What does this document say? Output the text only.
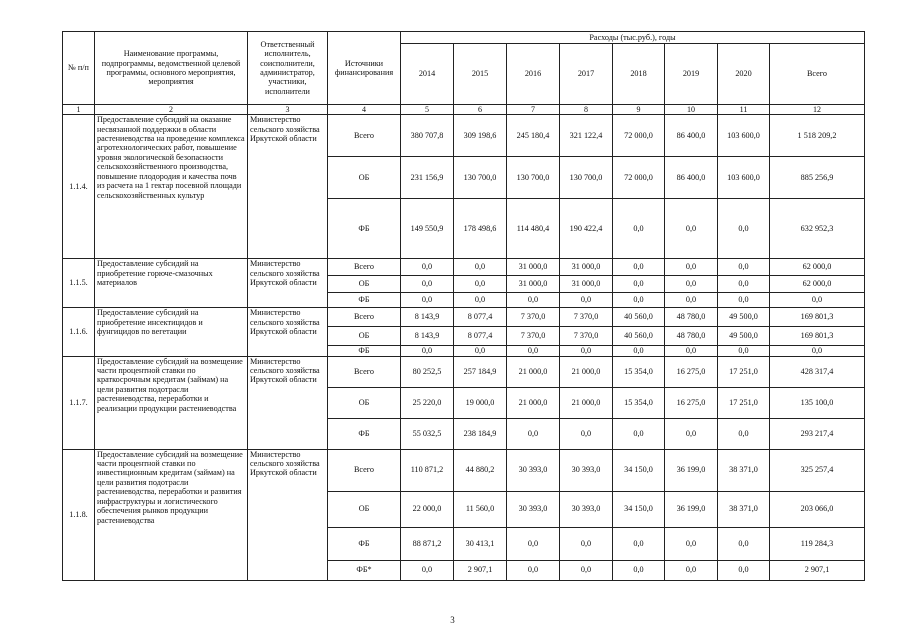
№ п/п	Наименование программы, подпрограммы, ведомственной целевой программы, основного мероприятия, мероприятия	Ответственный исполнитель, соисполнители, администратор, участники, исполнители	Источники финансирования	Расходы (тыс.руб.), годы							
				2014	2015	2016	2017	2018	2019	2020	Всего
1	2	3	4	5	6	7	8	9	10	11	12
1.1.4.	Предоставление субсидий на оказание несвязанной поддержки в области растениеводства на проведение комплекса агротехнологических работ, повышение уровня экологической безопасности сельскохозяйственного производства, повышение плодородия и качества почв из расчета на 1 гектар посевной площади сельскохозяйственных культур	Министерство сельского хозяйства Иркутской области	Всего	380 707,8	309 198,6	245 180,4	321 122,4	72 000,0	86 400,0	103 600,0	1 518 209,2
			ОБ	231 156,9	130 700,0	130 700,0	130 700,0	72 000,0	86 400,0	103 600,0	885 256,9
			ФБ	149 550,9	178 498,6	114 480,4	190 422,4	0,0	0,0	0,0	632 952,3
1.1.5.	Предоставление субсидий на приобретение горюче-смазочных материалов	Министерство сельского хозяйства Иркутской области	Всего	0,0	0,0	31 000,0	31 000,0	0,0	0,0	0,0	62 000,0
			ОБ	0,0	0,0	31 000,0	31 000,0	0,0	0,0	0,0	62 000,0
			ФБ	0,0	0,0	0,0	0,0	0,0	0,0	0,0	0,0
1.1.6.	Предоставление субсидий на приобретение инсектицидов и фунгицидов по вегетации	Министерство сельского хозяйства Иркутской области	Всего	8 143,9	8 077,4	7 370,0	7 370,0	40 560,0	48 780,0	49 500,0	169 801,3
			ОБ	8 143,9	8 077,4	7 370,0	7 370,0	40 560,0	48 780,0	49 500,0	169 801,3
			ФБ	0,0	0,0	0,0	0,0	0,0	0,0	0,0	0,0
1.1.7.	Предоставление субсидий на возмещение части процентной ставки по краткосрочным кредитам (займам) на цели развития подотрасли растениеводства, переработки и реализации продукции растениеводства	Министерство сельского хозяйства Иркутской области	Всего	80 252,5	257 184,9	21 000,0	21 000,0	15 354,0	16 275,0	17 251,0	428 317,4
			ОБ	25 220,0	19 000,0	21 000,0	21 000,0	15 354,0	16 275,0	17 251,0	135 100,0
			ФБ	55 032,5	238 184,9	0,0	0,0	0,0	0,0	0,0	293 217,4
1.1.8.	Предоставление субсидий на возмещение части процентной ставки по инвестиционным кредитам (займам) на цели развития подотрасли растениеводства, переработки и развития инфраструктуры и логистического обеспечения рынков продукции растениеводства	Министерство сельского хозяйства Иркутской области	Всего	110 871,2	44 880,2	30 393,0	30 393,0	34 150,0	36 199,0	38 371,0	325 257,4
			ОБ	22 000,0	11 560,0	30 393,0	30 393,0	34 150,0	36 199,0	38 371,0	203 066,0
			ФБ	88 871,2	30 413,1	0,0	0,0	0,0	0,0	0,0	119 284,3
			ФБ*	0,0	2 907,1	0,0	0,0	0,0	0,0	0,0	2 907,1
3
